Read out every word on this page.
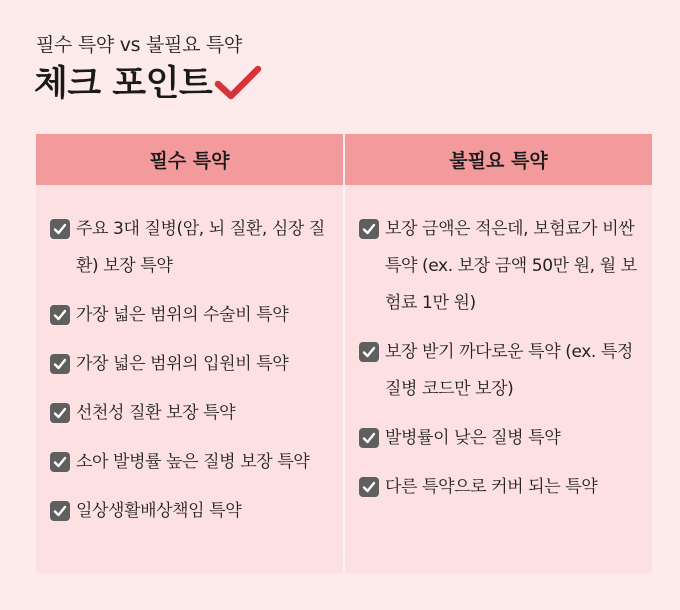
필수 특약 vs 불필요 특약
체크 포인트
필수 특약
주요 3대 질병(암, 뇌 질환, 심장 질환) 보장 특약
가장 넓은 범위의 수술비 특약
가장 넓은 범위의 입원비 특약
선천성 질환 보장 특약
소아 발병률 높은 질병 보장 특약
일상생활배상책임 특약
불필요 특약
보장 금액은 적은데, 보험료가 비싼 특약 (ex. 보장 금액 50만 원, 월 보험료 1만 원)
보장 받기 까다로운 특약 (ex. 특정 질병 코드만 보장)
발병률이 낮은 질병 특약
다른 특약으로 커버 되는 특약
